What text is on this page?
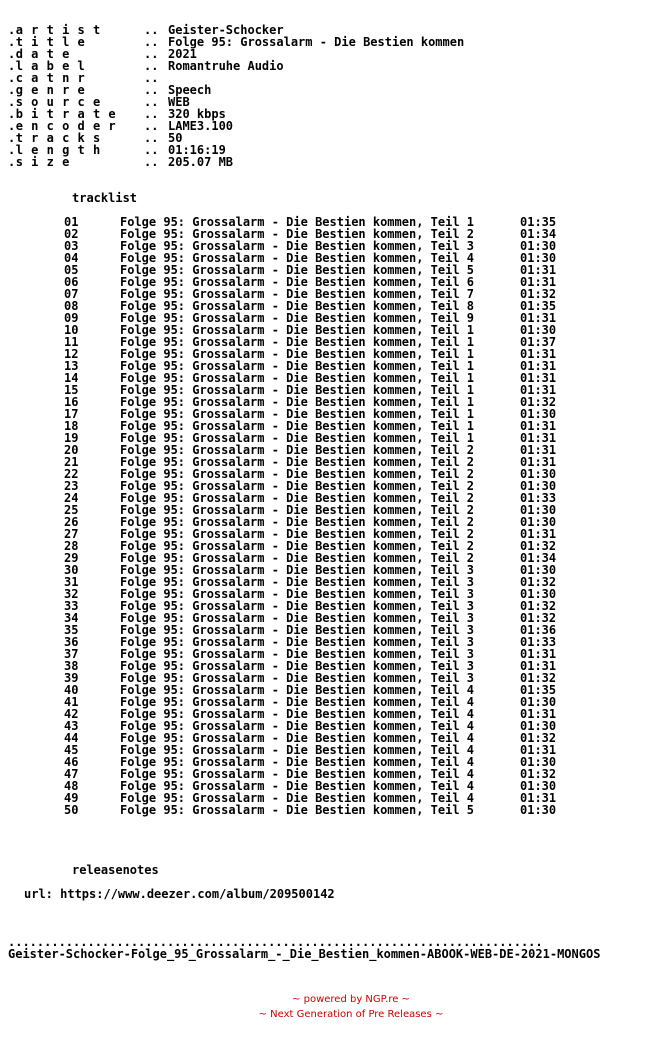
.a r t i s t	.. Geister-Schocker
.t i t l e	.. Folge 95: Grossalarm - Die Bestien kommen
.d a t e	.. 2021
.l a b e l	.. Romantruhe Audio
.c a t n r	..
.g e n r e	.. Speech
.s o u r c e	.. WEB
.b i t r a t e .. 320 kbps
.e n c o d e r .. LAME3.100
.t r a c k s	.. 50
.l e n g t h	.. 01:16:19
.s i z e	.. 205.07 MB
tracklist
01	Folge 95: Grossalarm - Die Bestien kommen, Teil 1	01:35
02	Folge 95: Grossalarm - Die Bestien kommen, Teil 2	01:34
03	Folge 95: Grossalarm - Die Bestien kommen, Teil 3	01:30
04	Folge 95: Grossalarm - Die Bestien kommen, Teil 4	01:30
05	Folge 95: Grossalarm - Die Bestien kommen, Teil 5	01:31
06	Folge 95: Grossalarm - Die Bestien kommen, Teil 6	01:31
07	Folge 95: Grossalarm - Die Bestien kommen, Teil 7	01:32
08	Folge 95: Grossalarm - Die Bestien kommen, Teil 8	01:35
09	Folge 95: Grossalarm - Die Bestien kommen, Teil 9	01:31
10	Folge 95: Grossalarm - Die Bestien kommen, Teil 1	01:30
11	Folge 95: Grossalarm - Die Bestien kommen, Teil 1	01:37
12	Folge 95: Grossalarm - Die Bestien kommen, Teil 1	01:31
13	Folge 95: Grossalarm - Die Bestien kommen, Teil 1	01:31
14	Folge 95: Grossalarm - Die Bestien kommen, Teil 1	01:31
15	Folge 95: Grossalarm - Die Bestien kommen, Teil 1	01:31
16	Folge 95: Grossalarm - Die Bestien kommen, Teil 1	01:32
17	Folge 95: Grossalarm - Die Bestien kommen, Teil 1	01:30
18	Folge 95: Grossalarm - Die Bestien kommen, Teil 1	01:31
19	Folge 95: Grossalarm - Die Bestien kommen, Teil 1	01:31
20	Folge 95: Grossalarm - Die Bestien kommen, Teil 2	01:31
21	Folge 95: Grossalarm - Die Bestien kommen, Teil 2	01:31
22	Folge 95: Grossalarm - Die Bestien kommen, Teil 2	01:30
23	Folge 95: Grossalarm - Die Bestien kommen, Teil 2	01:30
24	Folge 95: Grossalarm - Die Bestien kommen, Teil 2	01:33
25	Folge 95: Grossalarm - Die Bestien kommen, Teil 2	01:30
26	Folge 95: Grossalarm - Die Bestien kommen, Teil 2	01:30
27	Folge 95: Grossalarm - Die Bestien kommen, Teil 2	01:31
28	Folge 95: Grossalarm - Die Bestien kommen, Teil 2	01:32
29	Folge 95: Grossalarm - Die Bestien kommen, Teil 2	01:34
30	Folge 95: Grossalarm - Die Bestien kommen, Teil 3	01:30
31	Folge 95: Grossalarm - Die Bestien kommen, Teil 3	01:32
32	Folge 95: Grossalarm - Die Bestien kommen, Teil 3	01:30
33	Folge 95: Grossalarm - Die Bestien kommen, Teil 3	01:32
34	Folge 95: Grossalarm - Die Bestien kommen, Teil 3	01:32
35	Folge 95: Grossalarm - Die Bestien kommen, Teil 3	01:36
36	Folge 95: Grossalarm - Die Bestien kommen, Teil 3	01:33
37	Folge 95: Grossalarm - Die Bestien kommen, Teil 3	01:31
38	Folge 95: Grossalarm - Die Bestien kommen, Teil 3	01:31
39	Folge 95: Grossalarm - Die Bestien kommen, Teil 3	01:32
40	Folge 95: Grossalarm - Die Bestien kommen, Teil 4	01:35
41	Folge 95: Grossalarm - Die Bestien kommen, Teil 4	01:30
42	Folge 95: Grossalarm - Die Bestien kommen, Teil 4	01:31
43	Folge 95: Grossalarm - Die Bestien kommen, Teil 4	01:30
44	Folge 95: Grossalarm - Die Bestien kommen, Teil 4	01:32
45	Folge 95: Grossalarm - Die Bestien kommen, Teil 4	01:31
46	Folge 95: Grossalarm - Die Bestien kommen, Teil 4	01:30
47	Folge 95: Grossalarm - Die Bestien kommen, Teil 4	01:32
48	Folge 95: Grossalarm - Die Bestien kommen, Teil 4	01:30
49	Folge 95: Grossalarm - Die Bestien kommen, Teil 4	01:31
50	Folge 95: Grossalarm - Die Bestien kommen, Teil 5	01:30
releasenotes
url: https://www.deezer.com/album/209500142
..........................................................................
Geister-Schocker-Folge_95_Grossalarm_-_Die_Bestien_kommen-ABOOK-WEB-DE-2021-MONGOS
~ powered by NGP.re ~
~ Next Generation of Pre Releases ~
